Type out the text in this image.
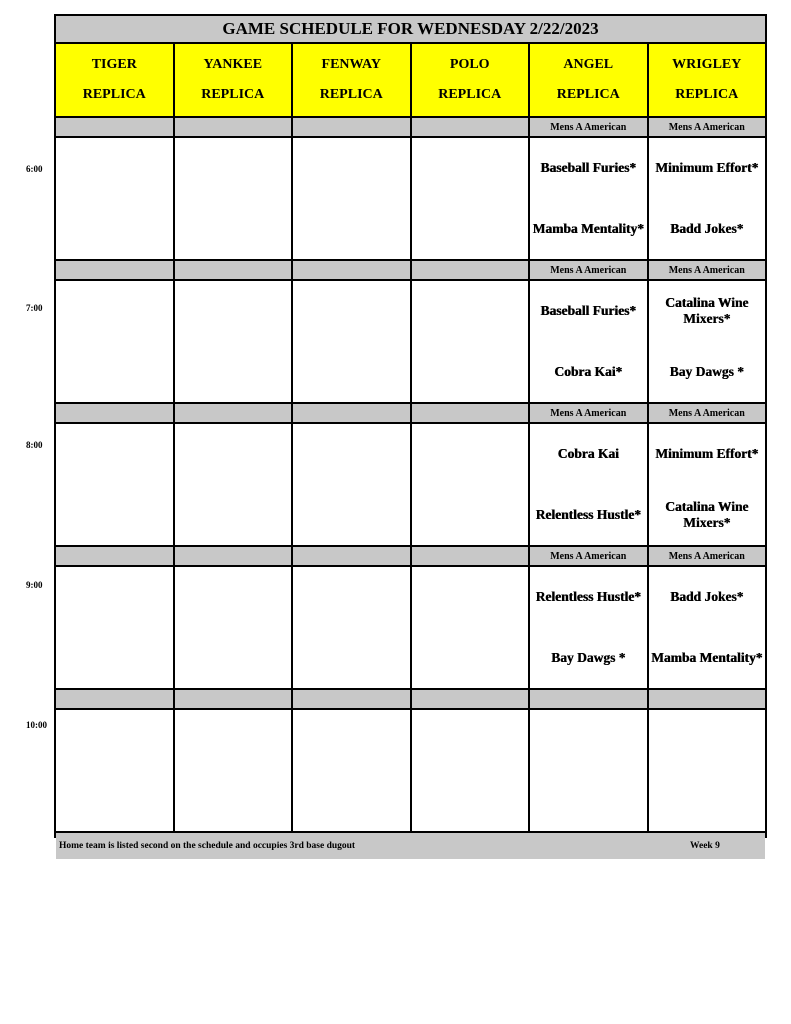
GAME SCHEDULE FOR WEDNESDAY 2/22/2023
TIGER
REPLICA
YANKEE
REPLICA
FENWAY
REPLICA
POLO
REPLICA
ANGEL
REPLICA
WRIGLEY
REPLICA
Mens A American
Baseball Furies*
Mamba Mentality*
Mens A American
Minimum Effort*
Badd Jokes*
Mens A American
Baseball Furies*
Cobra Kai*
Mens A American
Catalina Wine Mixers*
Bay Dawgs *
Mens A American
Cobra Kai
Relentless Hustle*
Mens A American
Minimum Effort*
Catalina Wine Mixers*
Mens A American
Relentless Hustle*
Bay Dawgs *
Mens A American
Badd Jokes*
Mamba Mentality*
Home team is listed second on the schedule and occupies 3rd base dugout	Week 9
6:00
7:00
8:00
9:00
10:00
